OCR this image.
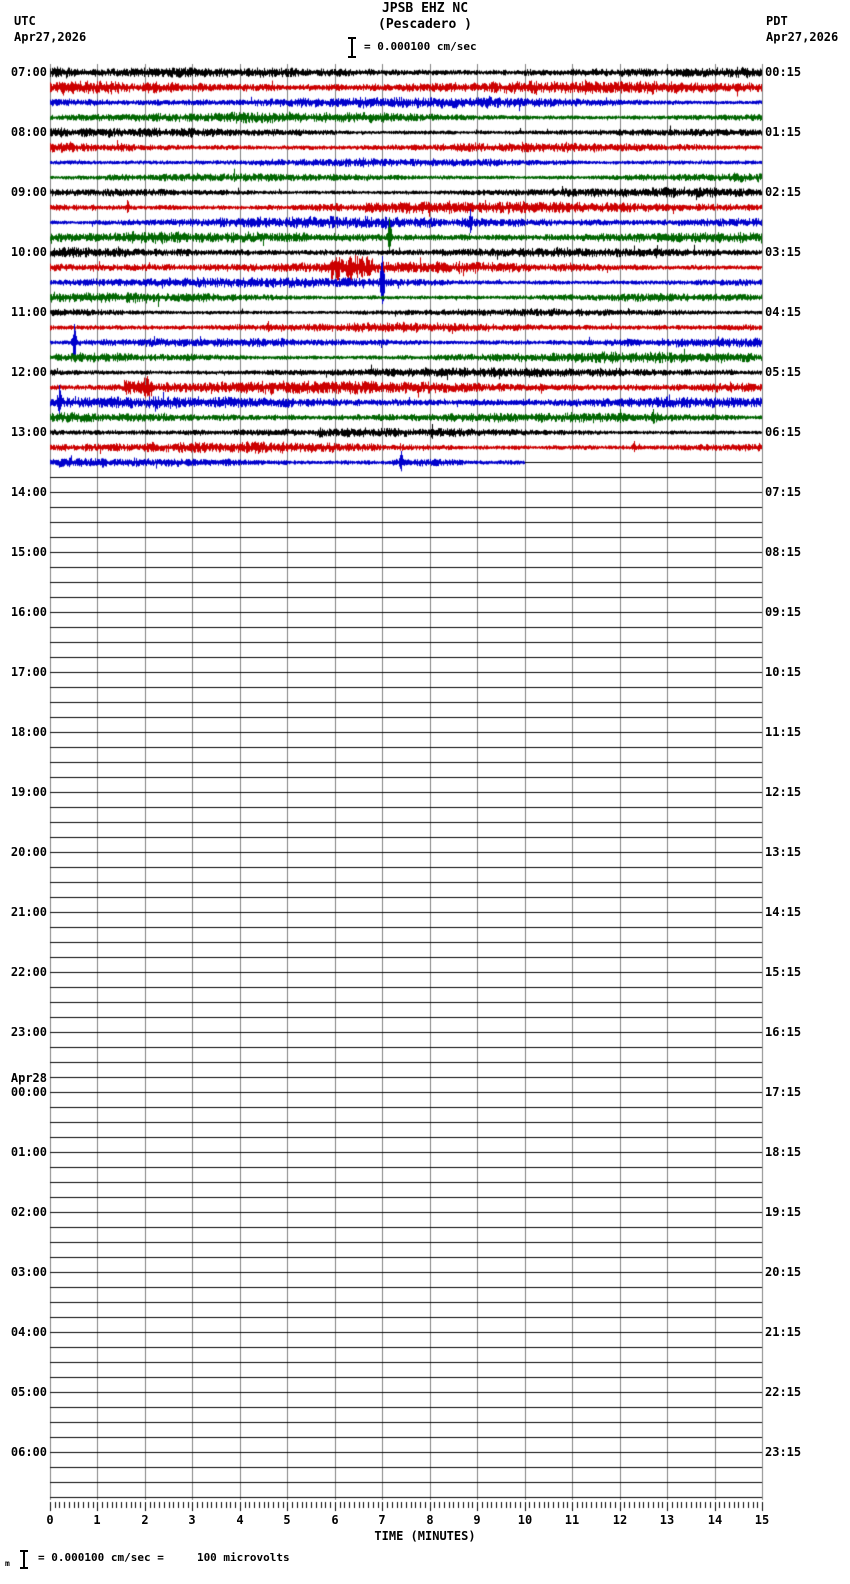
UTC
Apr27,2026
PDT
Apr27,2026
JPSB EHZ NC
(Pescadero )
= 0.000100 cm/sec
07:00
08:00
09:00
10:00
11:00
12:00
13:00
14:00
15:00
16:00
17:00
18:00
19:00
20:00
21:00
22:00
23:00
Apr28
00:00
01:00
02:00
03:00
04:00
05:00
06:00
00:15
01:15
02:15
03:15
04:15
05:15
06:15
07:15
08:15
09:15
10:15
11:15
12:15
13:15
14:15
15:15
16:15
17:15
18:15
19:15
20:15
21:15
22:15
23:15
0	1	2	3	4	5	6	7	8	9	10	11	12	13	14	15
TIME (MINUTES)
m	= 0.000100 cm/sec =     100 microvolts
